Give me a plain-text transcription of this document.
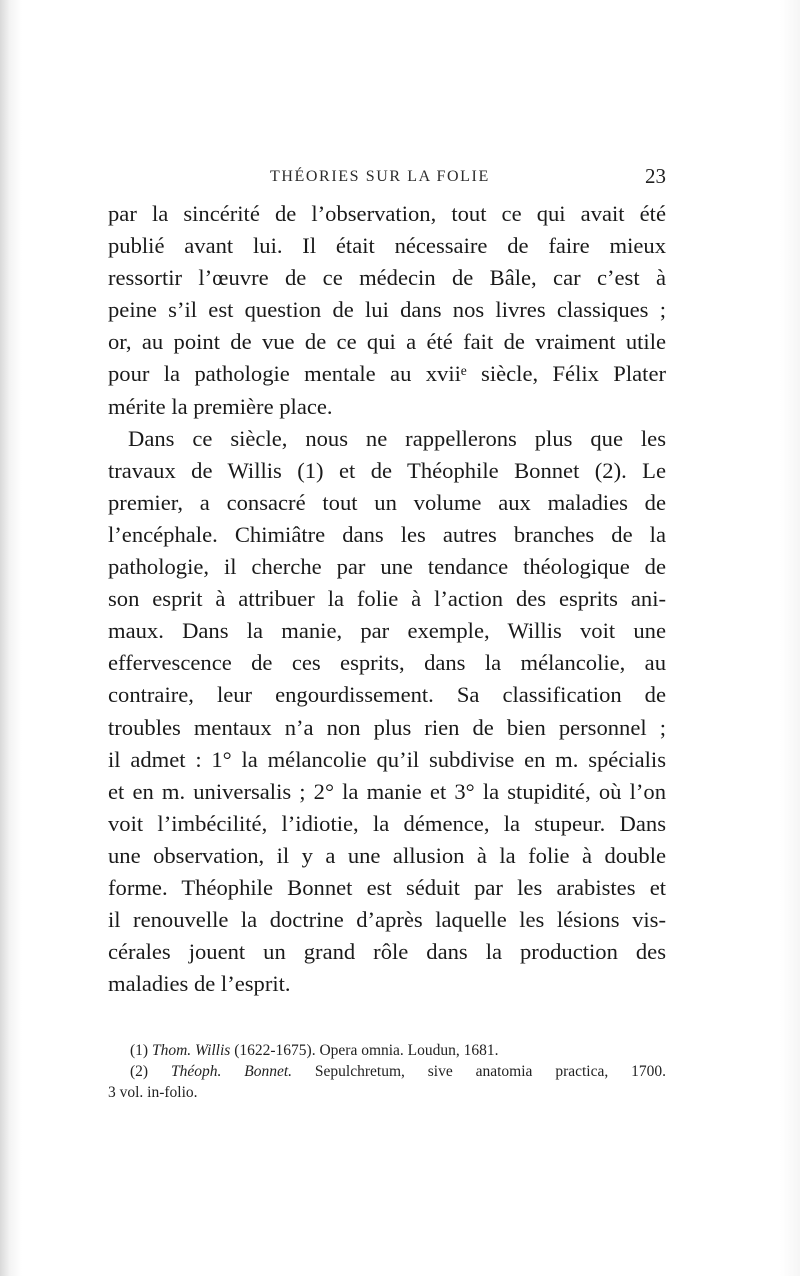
THÉORIES SUR LA FOLIE	23
par la sincérité de l’observation, tout ce qui avait été
publié avant lui. Il était nécessaire de faire mieux
ressortir l’œuvre de ce médecin de Bâle, car c’est à
peine s’il est question de lui dans nos livres classiques ;
or, au point de vue de ce qui a été fait de vraiment utile
pour la pathologie mentale au xviiᵉ siècle, Félix Plater
mérite la première place.
Dans ce siècle, nous ne rappellerons plus que les
travaux de Willis (1) et de Théophile Bonnet (2). Le
premier, a consacré tout un volume aux maladies de
l’encéphale. Chimiâtre dans les autres branches de la
pathologie, il cherche par une tendance théologique de
son esprit à attribuer la folie à l’action des esprits ani-
maux. Dans la manie, par exemple, Willis voit une
effervescence de ces esprits, dans la mélancolie, au
contraire, leur engourdissement. Sa classification de
troubles mentaux n’a non plus rien de bien personnel ;
il admet : 1° la mélancolie qu’il subdivise en m. spécialis
et en m. universalis ; 2° la manie et 3° la stupidité, où l’on
voit l’imbécilité, l’idiotie, la démence, la stupeur. Dans
une observation, il y a une allusion à la folie à double
forme. Théophile Bonnet est séduit par les arabistes et
il renouvelle la doctrine d’après laquelle les lésions vis-
cérales jouent un grand rôle dans la production des
maladies de l’esprit.
(1) Thom. Willis (1622-1675). Opera omnia. Loudun, 1681.
(2) Théoph. Bonnet. Sepulchretum, sive anatomia practica, 1700.
3 vol. in-folio.
